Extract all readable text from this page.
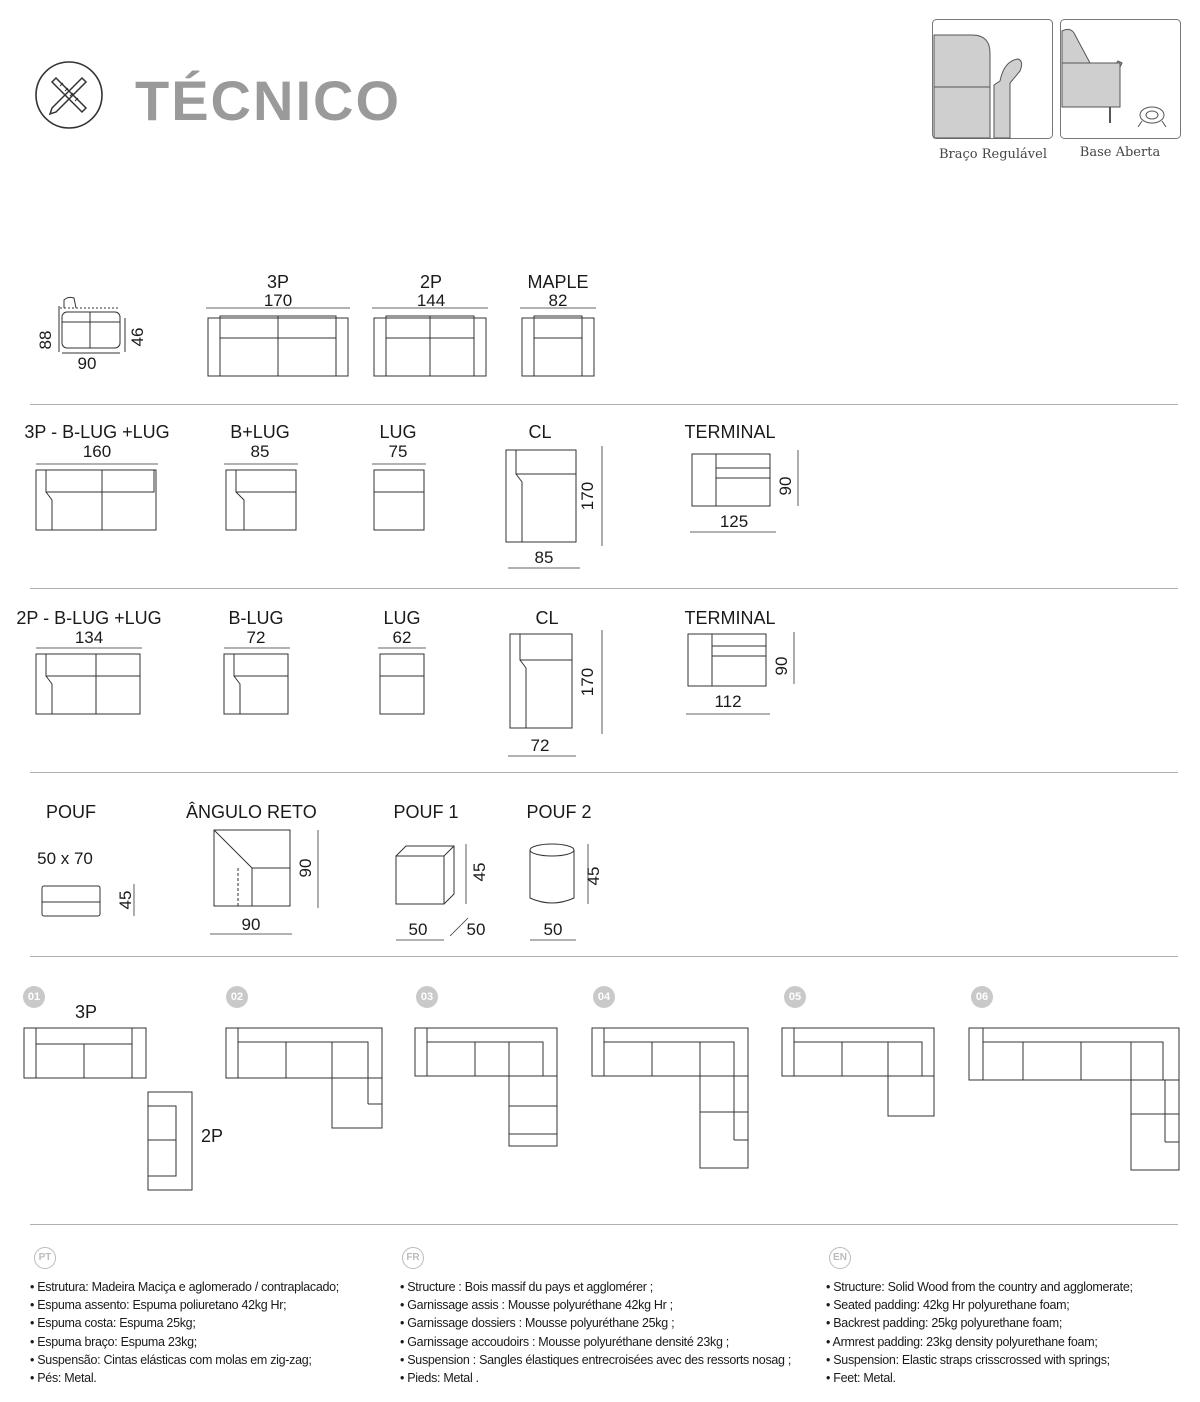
TÉCNICO
Braço Regulável	Base Aberta
90
88	46
3P
170
2P
144
MAPLE
82
3P - B-LUG +LUG
160
B+LUG
85
LUG
75
CL
85
170
TERMINAL
125
90
2P - B-LUG +LUG
134
B-LUG
72
LUG
62
CL
72
170
TERMINAL
112
90
POUF
50 x 70
45
ÂNGULO RETO
90
90
POUF 1
50	50
45
POUF 2
50
45
01	02	03	04	05	06
3P
2P
PT
• Estrutura: Madeira Maciça e aglomerado / contraplacado;
• Espuma assento: Espuma poliuretano 42kg Hr;
• Espuma costa: Espuma 25kg;
• Espuma braço: Espuma 23kg;
• Suspensão: Cintas elásticas com molas em zig-zag;
• Pés: Metal.
FR
• Structure : Bois massif du pays et agglomérer ;
• Garnissage assis : Mousse polyuréthane 42kg Hr ;
• Garnissage dossiers : Mousse polyuréthane 25kg ;
• Garnissage accoudoirs : Mousse polyuréthane densité 23kg ;
• Suspension : Sangles élastiques entrecroisées avec des ressorts nosag ;
• Pieds: Metal .
EN
• Structure: Solid Wood from the country and agglomerate;
• Seated padding: 42kg Hr polyurethane foam;
• Backrest padding: 25kg polyurethane foam;
• Armrest padding: 23kg density polyurethane foam;
• Suspension: Elastic straps crisscrossed with springs;
• Feet: Metal.
